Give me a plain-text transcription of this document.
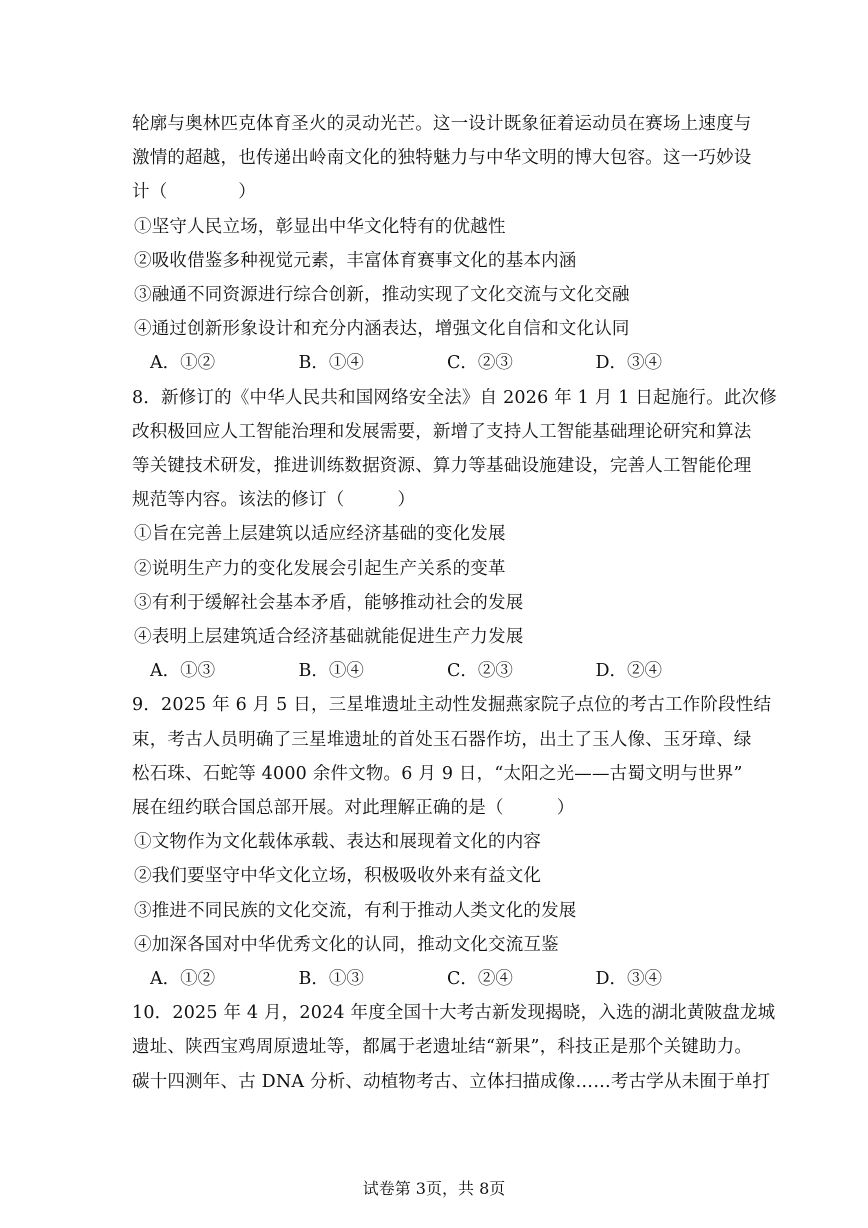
轮廓与奥林匹克体育圣火的灵动光芒。这一设计既象征着运动员在赛场上速度与
激情的超越，也传递出岭南文化的独特魅力与中华文明的博大包容。这一巧妙设
计（　　　　）
①坚守人民立场，彰显出中华文化特有的优越性
②吸收借鉴多种视觉元素，丰富体育赛事文化的基本内涵
③融通不同资源进行综合创新，推动实现了文化交流与文化交融
④通过创新形象设计和充分内涵表达，增强文化自信和文化认同
A．①②	B．①④	C．②③	D．③④
8．新修订的《中华人民共和国网络安全法》自 2026 年 1 月 1 日起施行。此次修
改积极回应人工智能治理和发展需要，新增了支持人工智能基础理论研究和算法
等关键技术研发，推进训练数据资源、算力等基础设施建设，完善人工智能伦理
规范等内容。该法的修订（　　　）
①旨在完善上层建筑以适应经济基础的变化发展
②说明生产力的变化发展会引起生产关系的变革
③有利于缓解社会基本矛盾，能够推动社会的发展
④表明上层建筑适合经济基础就能促进生产力发展
A．①③	B．①④	C．②③	D．②④
9．2025 年 6 月 5 日，三星堆遗址主动性发掘燕家院子点位的考古工作阶段性结
束，考古人员明确了三星堆遗址的首处玉石器作坊，出土了玉人像、玉牙璋、绿
松石珠、石蛇等 4000 余件文物。6 月 9 日，“太阳之光——古蜀文明与世界”
展在纽约联合国总部开展。对此理解正确的是（　　　）
①文物作为文化载体承载、表达和展现着文化的内容
②我们要坚守中华文化立场，积极吸收外来有益文化
③推进不同民族的文化交流，有利于推动人类文化的发展
④加深各国对中华优秀文化的认同，推动文化交流互鉴
A．①②	B．①③	C．②④	D．③④
10．2025 年 4 月，2024 年度全国十大考古新发现揭晓，入选的湖北黄陂盘龙城
遗址、陕西宝鸡周原遗址等，都属于老遗址结“新果”，科技正是那个关键助力。
碳十四测年、古 DNA 分析、动植物考古、立体扫描成像……考古学从未囿于单打
试卷第 3页，共 8页
